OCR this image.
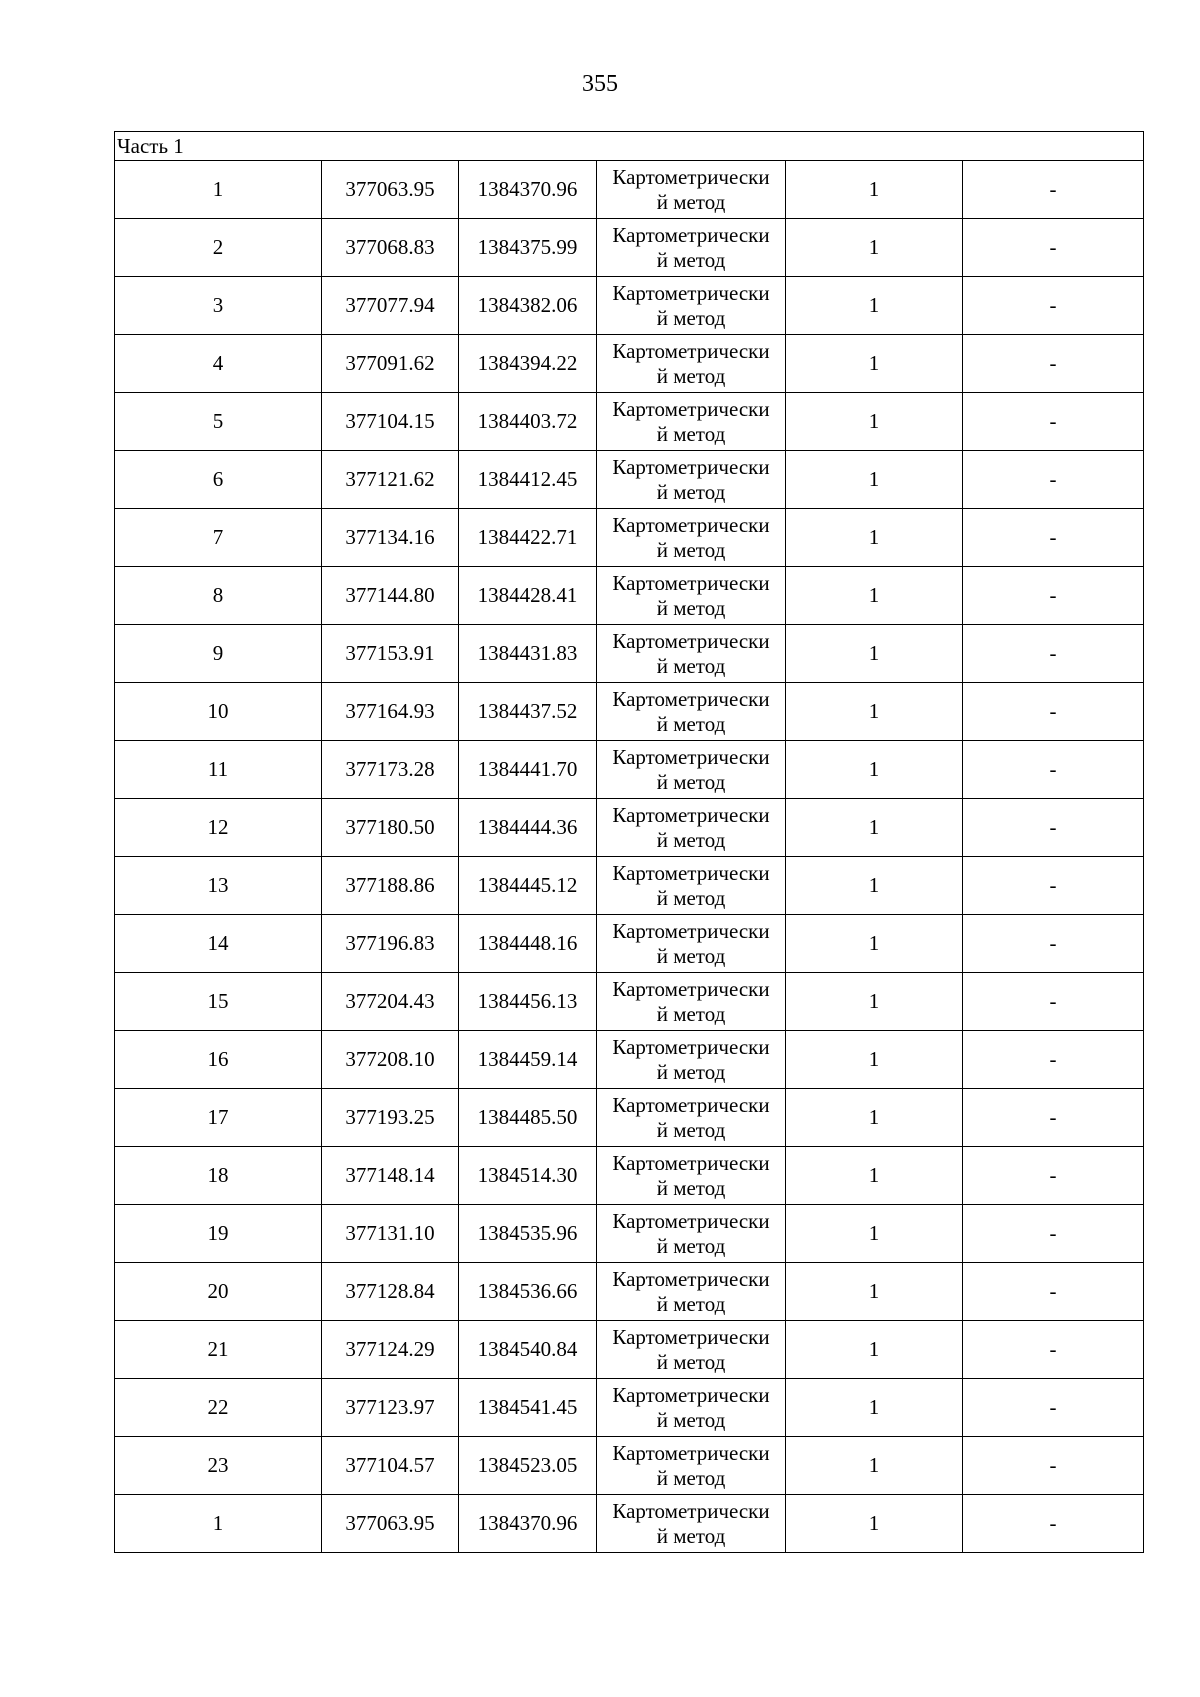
355
Часть 1					
1	377063.95	1384370.96	Картометрически
й метод	1	-
2	377068.83	1384375.99	Картометрически
й метод	1	-
3	377077.94	1384382.06	Картометрически
й метод	1	-
4	377091.62	1384394.22	Картометрически
й метод	1	-
5	377104.15	1384403.72	Картометрически
й метод	1	-
6	377121.62	1384412.45	Картометрически
й метод	1	-
7	377134.16	1384422.71	Картометрически
й метод	1	-
8	377144.80	1384428.41	Картометрически
й метод	1	-
9	377153.91	1384431.83	Картометрически
й метод	1	-
10	377164.93	1384437.52	Картометрически
й метод	1	-
11	377173.28	1384441.70	Картометрически
й метод	1	-
12	377180.50	1384444.36	Картометрически
й метод	1	-
13	377188.86	1384445.12	Картометрически
й метод	1	-
14	377196.83	1384448.16	Картометрически
й метод	1	-
15	377204.43	1384456.13	Картометрически
й метод	1	-
16	377208.10	1384459.14	Картометрически
й метод	1	-
17	377193.25	1384485.50	Картометрически
й метод	1	-
18	377148.14	1384514.30	Картометрически
й метод	1	-
19	377131.10	1384535.96	Картометрически
й метод	1	-
20	377128.84	1384536.66	Картометрически
й метод	1	-
21	377124.29	1384540.84	Картометрически
й метод	1	-
22	377123.97	1384541.45	Картометрически
й метод	1	-
23	377104.57	1384523.05	Картометрически
й метод	1	-
1	377063.95	1384370.96	Картометрически
й метод	1	-
